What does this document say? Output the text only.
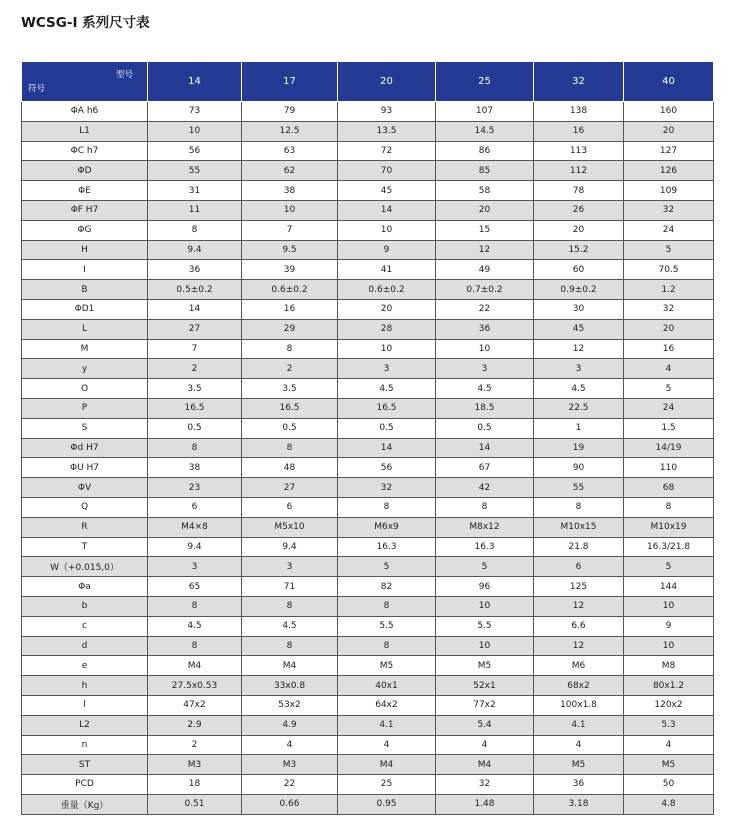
WCSG-I 系列尺寸表
型号
符号	14	17	20	25	32	40
ΦA h6	73	79	93	107	138	160
L1	10	12.5	13.5	14.5	16	20
ΦC h7	56	63	72	86	113	127
ΦD	55	62	70	85	112	126
ΦE	31	38	45	58	78	109
ΦF H7	11	10	14	20	26	32
ΦG	8	7	10	15	20	24
H	9.4	9.5	9	12	15.2	5
I	36	39	41	49	60	70.5
B	0.5±0.2	0.6±0.2	0.6±0.2	0.7±0.2	0.9±0.2	1.2
ΦD1	14	16	20	22	30	32
L	27	29	28	36	45	20
M	7	8	10	10	12	16
y	2	2	3	3	3	4
O	3.5	3.5	4.5	4.5	4.5	5
P	16.5	16.5	16.5	18.5	22.5	24
S	0.5	0.5	0.5	0.5	1	1.5
Φd H7	8	8	14	14	19	14/19
ΦU H7	38	48	56	67	90	110
ΦV	23	27	32	42	55	68
Q	6	6	8	8	8	8
R	M4×8	M5x10	M6x9	M8x12	M10x15	M10x19
T	9.4	9.4	16.3	16.3	21.8	16.3/21.8
W（+0.015,0）	3	3	5	5	6	5
Φa	65	71	82	96	125	144
b	8	8	8	10	12	10
c	4.5	4.5	5.5	5.5	6.6	9
d	8	8	8	10	12	10
e	M4	M4	M5	M5	M6	M8
h	27.5x0.53	33x0.8	40x1	52x1	68x2	80x1.2
l	47x2	53x2	64x2	77x2	100x1.8	120x2
L2	2.9	4.9	4.1	5.4	4.1	5.3
n	2	4	4	4	4	4
ST	M3	M3	M4	M4	M5	M5
PCD	18	22	25	32	36	50
重量（Kg）	0.51	0.66	0.95	1.48	3.18	4.8
